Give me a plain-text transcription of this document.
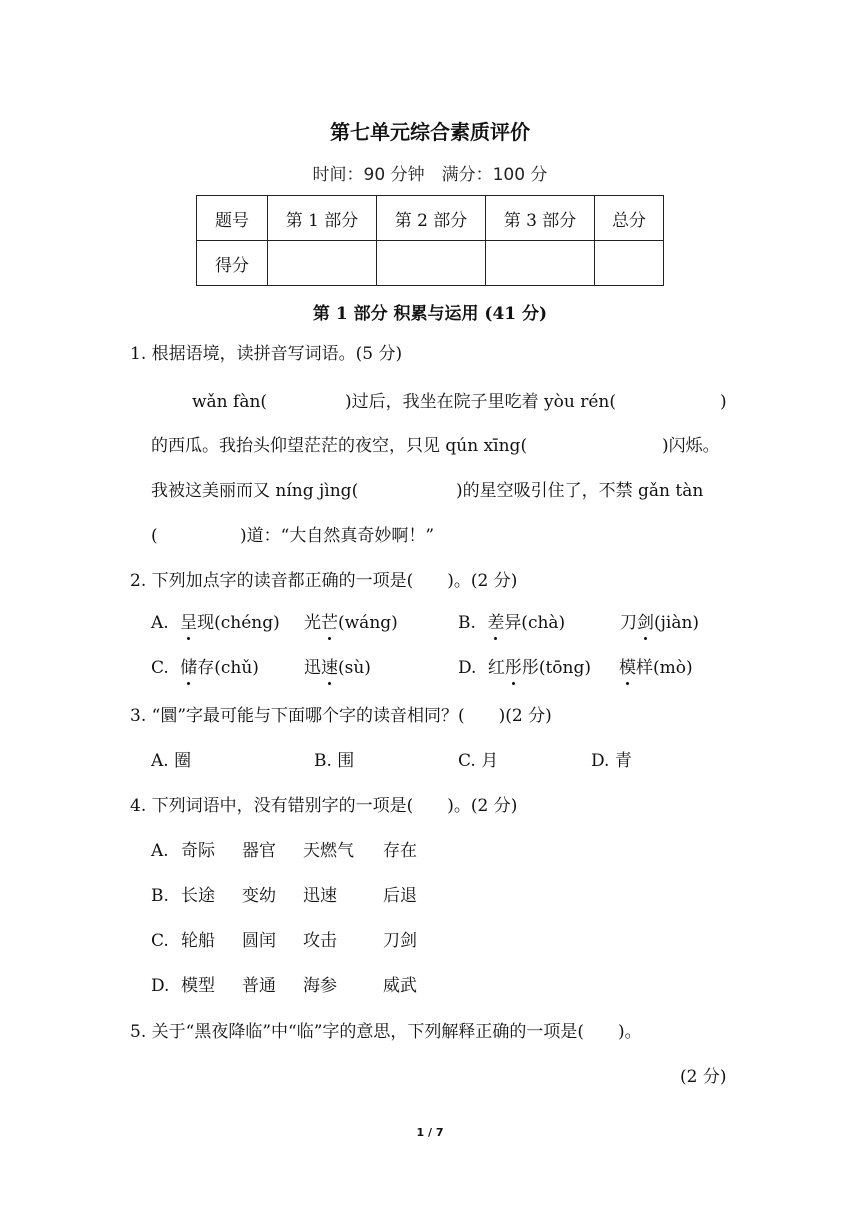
第七单元综合素质评价
时间：90 分钟　满分：100 分
题号	第 1 部分	第 2 部分	第 3 部分	总分
得分				
第 1 部分 积累与运用 (41 分)
1. 根据语境，读拼音写词语。(5 分)
wǎn fàn(	)过后，我坐在院子里吃着 yòu rén(	)
的西瓜。我抬头仰望茫茫的夜空，只见 qún xīng(	)闪烁。
我被这美丽而又 níng jìng(	)的星空吸引住了，不禁 gǎn tàn
(	)道：“大自然真奇妙啊！”
2. 下列加点字的读音都正确的一项是(　　)。(2 分)
A. 呈现(chéng) 光芒(wáng)	B. 差异(chà)	刀剑(jiàn)
C. 储存(chǔ)	迅速(sù)	D. 红彤彤(tōng) 模样(mò)
3. “圜”字最可能与下面哪个字的读音相同？(　　)(2 分)
A. 圈	B. 围	C. 月	D. 青
4. 下列词语中，没有错别字的一项是(　　)。(2 分)
A. 奇际 器官 天燃气 存在
B. 长途 变幼 迅速	后退
C. 轮船 圆闰 攻击	刀剑
D. 模型 普通 海参	威武
5. 关于“黑夜降临”中“临”字的意思，下列解释正确的一项是(　　)。
(2 分)
1 / 7
